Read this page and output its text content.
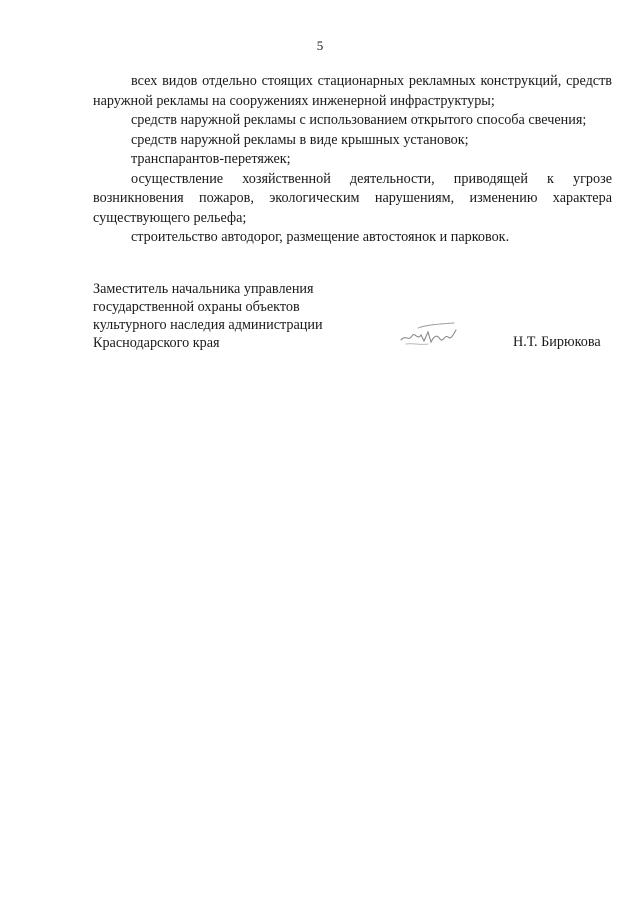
5

всех видов отдельно стоящих стационарных рекламных конструкций, средств наружной рекламы на сооружениях инженерной инфраструктуры;

средств наружной рекламы с использованием открытого способа свечения;

средств наружной рекламы в виде крышных установок;

транспарантов-перетяжек;

осуществление хозяйственной деятельности, приводящей к угрозе возникновения пожаров, экологическим нарушениям, изменению характера существующего рельефа;

строительство автодорог, размещение автостоянок и парковок.

Заместитель начальника управления
государственной охраны объектов
культурного наследия администрации
Краснодарского края	Н.Т. Бирюкова
